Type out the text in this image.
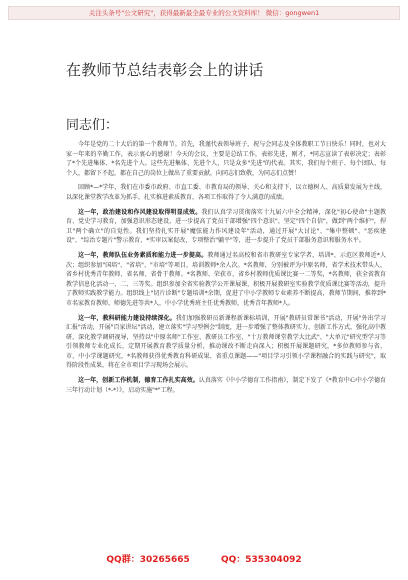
关注头条号"公文研究"，获得最新最全最专业的公文资料库！ 微信：gongwen1
在教师节总结表彰会上的讲话
同志们：

今年是党的二十大后的第一个教师节。首先，我谨代表领导班子，祝与会同志及全体教职工节日快乐！同时，也对大家一年来的辛勤工作，表示衷心的感谢！今天的会议，主要是总结工作，表彰先进，刚才，*同志宣读了表彰决定；表彰了*个先进集体、*名先进个人。这些先进集体、先进个人，只是众多"先进"的代表。其实，我们每个班子、每个团队、每个人，都留下不起，都在自己的岗位上做出了重要贡献，向同志们致敬，为同志们点赞！

回顾*—*学年，我们在市委市政府、市直工委、市教育局的领导、关心和支持下，以立德树人、高质量发展为主线，以深化课堂教学改革为抓手，扎实推进素质教育，各项工作取得了令人满意的成绩。

这一年，政治建设和作风建设取得明显成效。我们认真学习贯彻落实十九届六中全会精神，深化"初心使命"主题教育、党史学习教育，加强意识形态建设，进一步提高了党员干部增强"四个意识"、坚定"四个自信"，做到"两个维护"，捍卫"两个确立"的自觉性。我们坚持扎实开展"魔弦能力作风建设年"活动，通过开展"大讨论"、"集中整顿"、"恶疾建设"、"综治专题片"警示教育，*实审以案促改，专项整治"躺平"等，进一步提升了党员干部服务意识和服务水平。

这一年，教师队伍业务素质和能力进一步提高。教师通过名高校和省市教研室专家学者，培训*、示范区教师近*人次；组织参加"国培"、"省培"、"市培"等项目，培训教师*余人次。*名教师，分别被评为中原名师，省学术技术带头人，省乡村优秀青年教师、省名师、省骨干教师。*名教师、荣获市、省乡村教师优质课比赛一二等奖，*名教师，获全省教育教学信息化活动一、二、三等奖。组织参加全省实验教学公开课展课，积极开展教研室实验教学优质课比赛等活动，提升了教师实践教学能力。组织线上"切片诊断"专题培训*余期，促进了中小学教师专业素养不断提高，教师节期间，推荐到*市名家教育教师、师德先进等共*人，中小学优秀班主任优秀教师，优秀青年教师*人。

这一年，教科研能力建设持续深化。我们加强教研员新课程新课标培训，开展"教研员常课书"活动，开展"外出学习汇报"活动，开展"百家讲坛"活动，建立落实"学习型例会"制度，进一步增强了整体教研实力、创新工作方式，强化高中教研，深化教学调研视导，坚持以"中原名师"工作室、教研员工作室，"十万教师课堂教学大比武"、"大单元"研究型学习等引领教师专业化成长，定期开展教育教学质量分析，推动课改不断走向深入；积极开展课题研究，*多位教师参与省、市、中小学课题研究，*名教师获得优秀教育科研成果、省重点课题——"项目学习引领小学课程融合的实践与研究"，取得阶段性成果，将在全市项目学习现场会展示。

这一年，创新工作机制，德育工作扎实高效。认真落实《中小学德育工作指南》，制定下发了《*教育中心中小学德育三年行动计划（*-*）》，启动实施"*"工程。

QQ群：30265665	QQ：535304092
